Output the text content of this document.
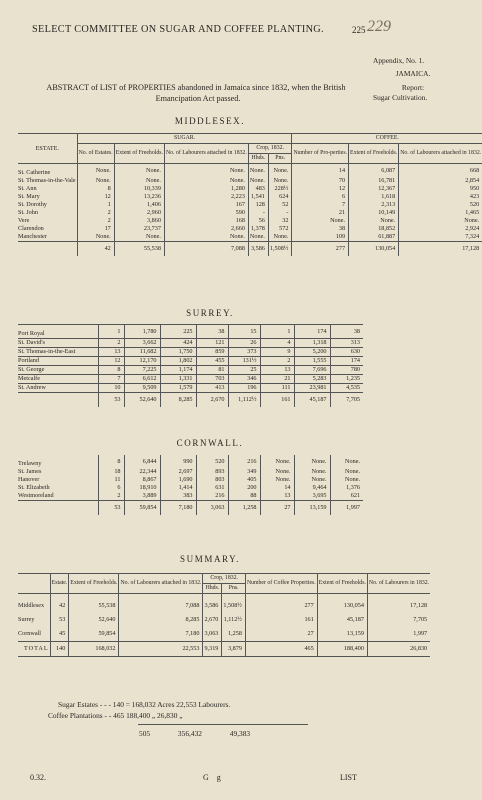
SELECT COMMITTEE ON SUGAR AND COFFEE PLANTING.	225 229
Appendix, No. 1.
JAMAICA.
Report:
Sugar Cultivation.
ABSTRACT of LIST of PROPERTIES abandoned in Jamaica since 1832, when the British
Emancipation Act passed.
MIDDLESEX.
ESTATE.	SUGAR.					COFFEE.		
	No. of Estates.	Extent of Freeholds.	No. of Labourers attached in 1832.	Crop, 1832.		Number of Pro-perties.	Extent of Freeholds.	No. of Labourers attached in 1832.
				Hhds.	Pns.			
St. Catherine	None.	None.	None.	None.	None.	14	6,087	668
St. Thomas-in-the-Vale	None.	None.	None.	None.	None.	70	16,781	2,854
St. Ann	8	10,339	1,280	483	228½	12	12,367	950
St. Mary	12	13,236	2,223	1,541	624	6	1,618	423
St. Dorothy	1	1,406	167	128	52	7	2,313	520
St. John	2	2,960	590	-	-	21	10,149	1,465
Vere	2	3,860	168	56	32	None.	None.	None.
Clarendon	17	23,737	2,660	1,378	572	38	18,852	2,924
Manchester	None.	None.	None.	None.	None.	109	61,887	7,324
	42	55,538	7,088	3,586	1,508½	277	130,054	17,128
SURREY.
Port Royal	1	1,780	225	38	15	1	174	38
St. David's	2	3,662	424	121	26	4	1,318	313
St. Thomas-in-the-East	13	11,682	1,750	859	373	9	5,200	630
Portland	12	12,170	1,802	455	131½	2	1,555	174
St. George	8	7,225	1,174	81	25	13	7,696	780
Metcalfe	7	6,612	1,331	703	346	21	5,283	1,235
St. Andrew	10	9,509	1,579	413	196	111	23,981	4,535
	53	52,640	8,285	2,670	1,112½	161	45,187	7,705
CORNWALL.
Trelawny	8	6,844	990	520	216	None.	None.	None.
St. James	18	22,344	2,697	893	349	None.	None.	None.
Hanover	11	8,867	1,690	803	405	None.	None.	None.
St. Elizabeth	6	18,910	1,414	631	200	14	9,464	1,376
Westmoreland	2	3,889	383	216	88	13	3,695	621
	53	59,854	7,180	3,063	1,258	27	13,159	1,997
SUMMARY.
	Estate.	Extent of Freeholds.	No. of Labourers attached in 1832.	Crop, 1832.		Number of Coffee Properties.	Extent of Freeholds.	No. of Labourers in 1832.
				Hhds.	Pns.			
Middlesex	42	55,538	7,088	3,586	1,508½	277	130,054	17,128
Surrey	53	52,640	8,285	2,670	1,112½	161	45,187	7,705
Cornwall	45	59,854	7,180	3,063	1,258	27	13,159	1,997
TOTAL	140	168,032	22,553	9,319	3,879	465	188,400	26,830
Sugar Estates - - - 140 = 168,032 Acres 22,553 Labourers.
Coffee Plantations - - 465 188,400 „ 26,830 „
505 356,432 49,383
0.32.	G g	LIST
